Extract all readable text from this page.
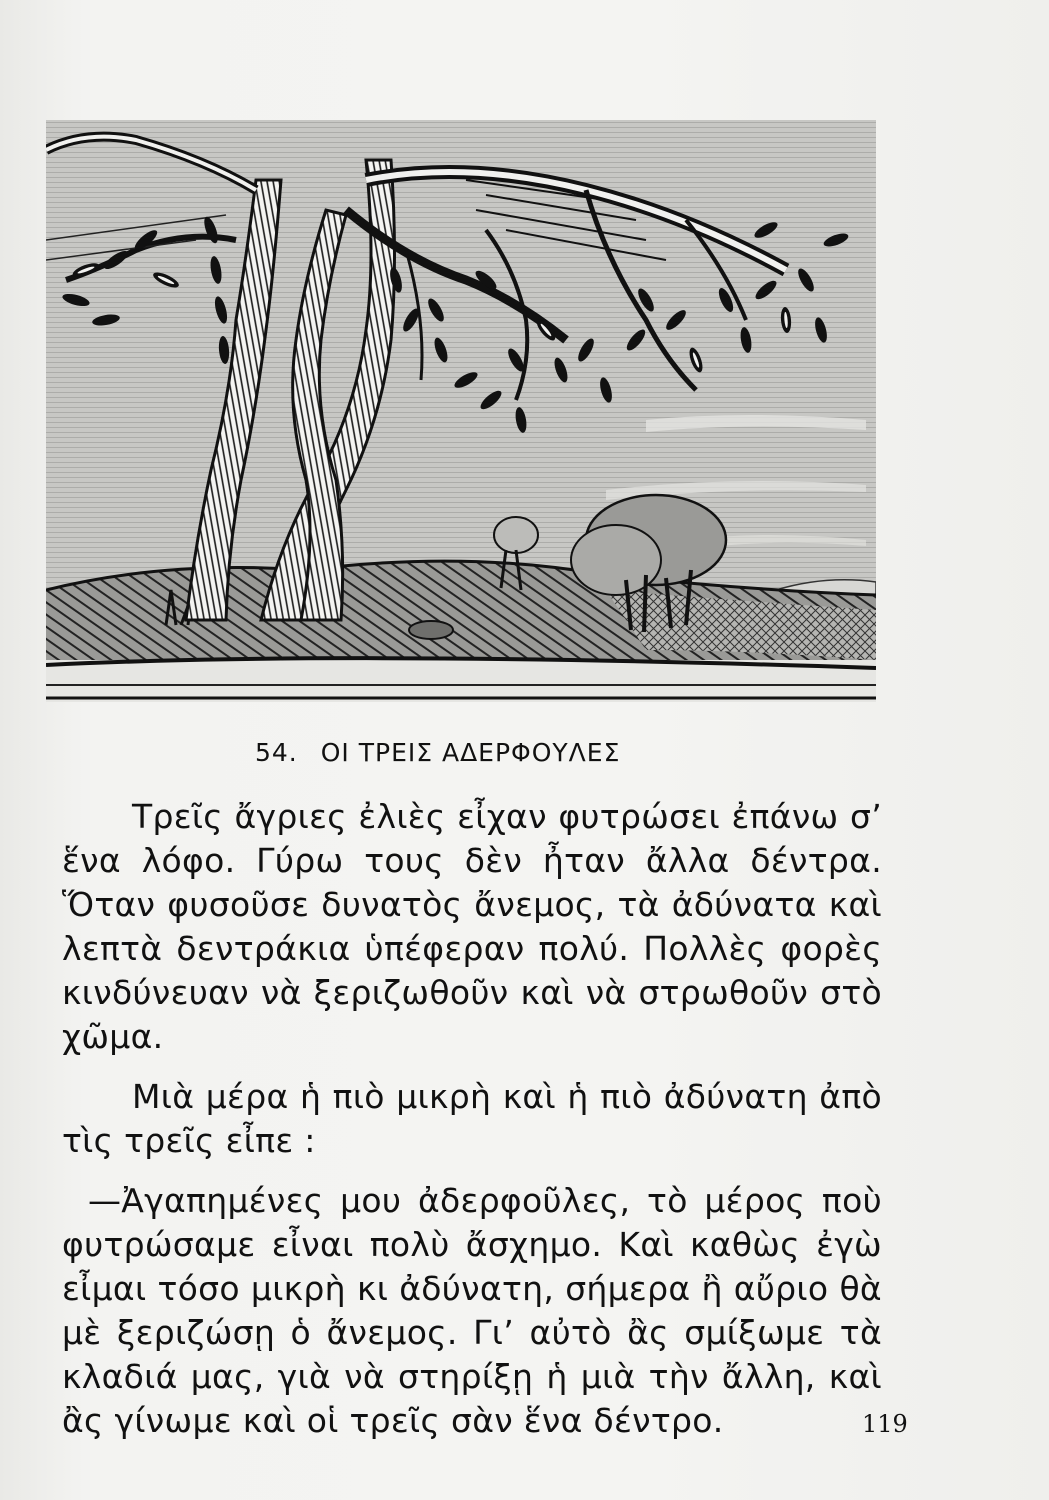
54. ΟΙ ΤΡΕΙΣ ΑΔΕΡΦΟΥΛΕΣ

Τρεῖς ἄγριες ἐλιὲς εἶχαν φυτρώσει ἐπάνω σ’ ἕνα λόφο. Γύρω τους δὲν ἦταν ἄλλα δέντρα. Ὅταν φυσοῦσε δυνατὸς ἄνεμος, τὰ ἀδύνατα καὶ λεπτὰ δεντράκια ὑπέφεραν πολύ. Πολλὲς φορὲς κινδύνευαν νὰ ξεριζωθοῦν καὶ νὰ στρωθοῦν στὸ χῶμα.

Μιὰ μέρα ἡ πιὸ μικρὴ καὶ ἡ πιὸ ἀδύνατη ἀπὸ τὶς τρεῖς εἶπε :

—Ἀγαπημένες μου ἀδερφοῦλες, τὸ μέρος ποὺ φυτρώσαμε εἶναι πολὺ ἄσχημο. Καὶ καθὼς ἐγὼ εἶμαι τόσο μικρὴ κι ἀδύνατη, σήμερα ἢ αὔριο θὰ μὲ ξεριζώσῃ ὁ ἄνεμος. Γι’ αὐτὸ ἂς σμίξωμε τὰ κλαδιά μας, γιὰ νὰ στηρίξῃ ἡ μιὰ τὴν ἄλλη, καὶ ἂς γίνωμε καὶ οἱ τρεῖς σὰν ἕνα δέντρο.	119
